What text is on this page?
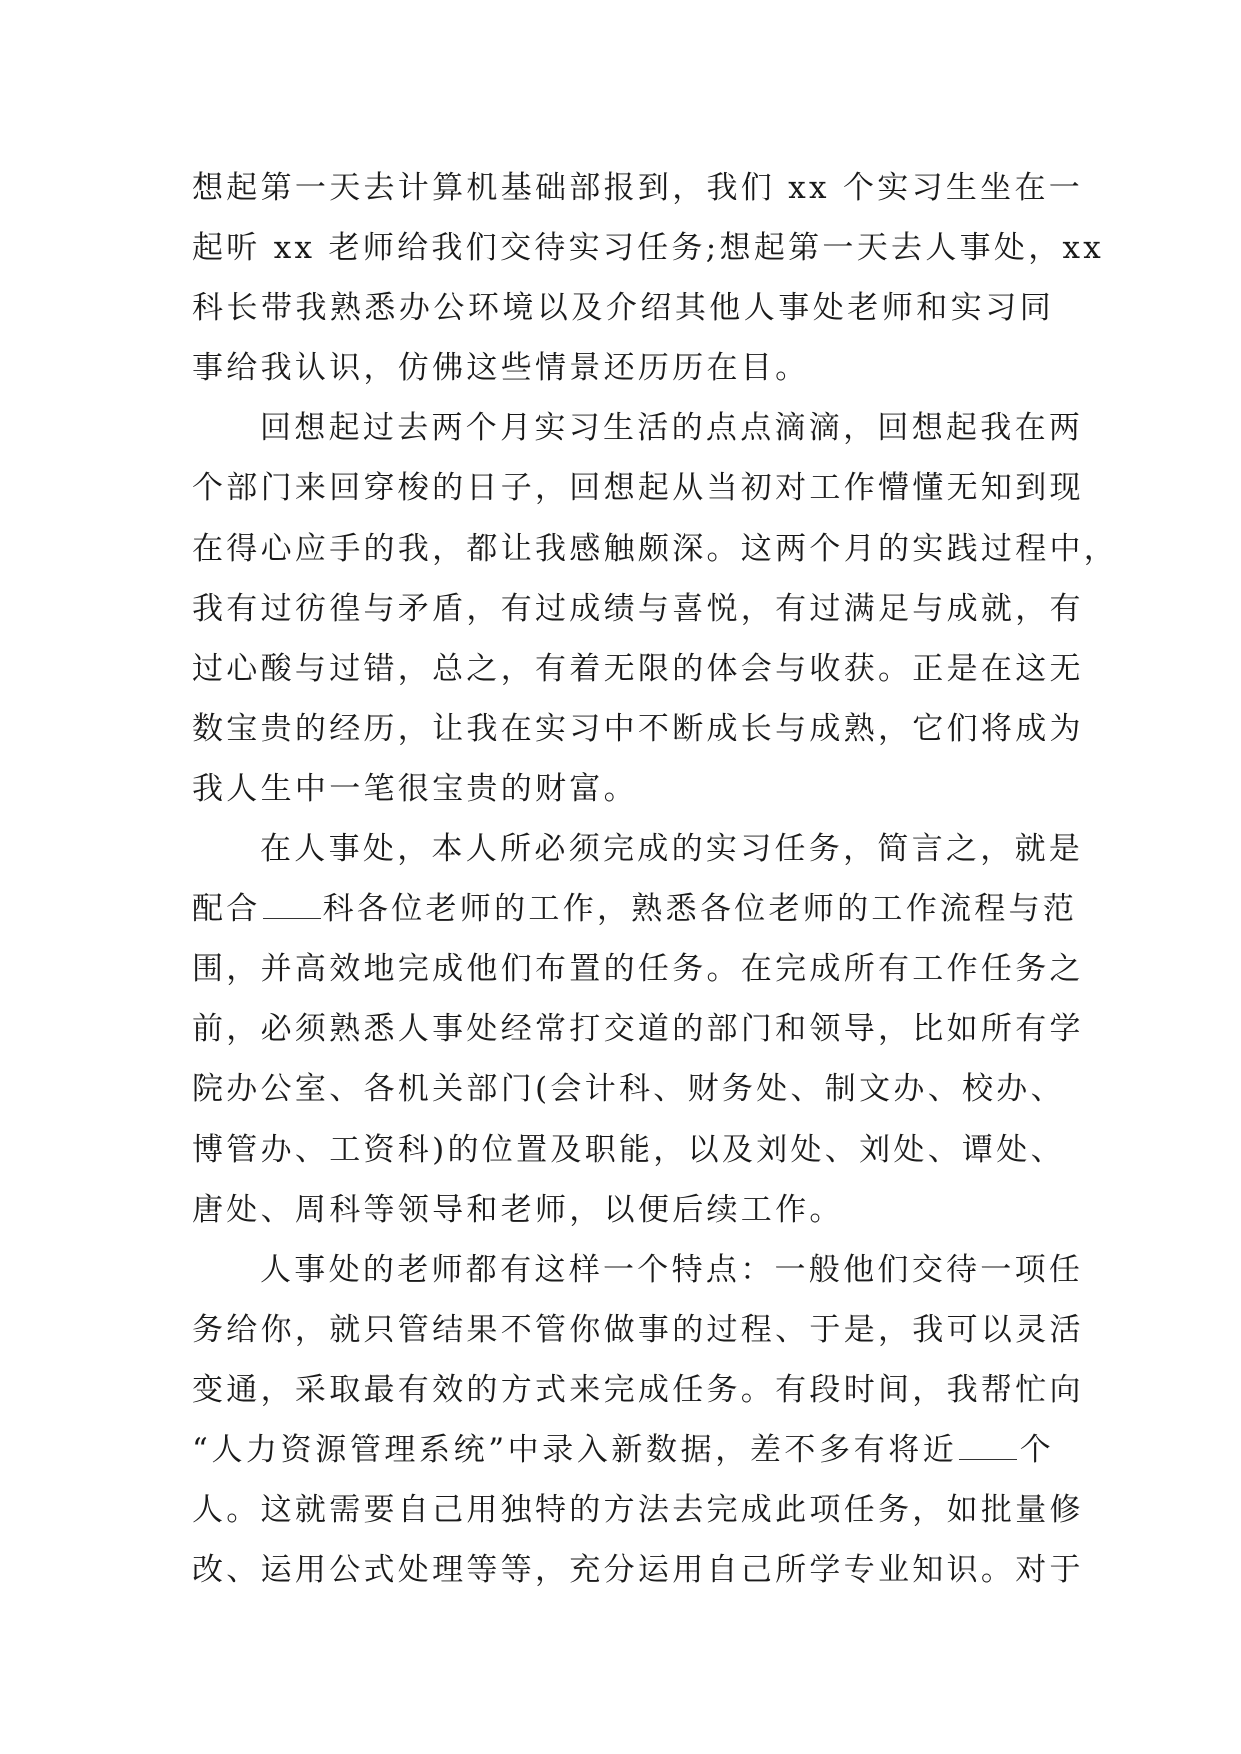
想起第一天去计算机基础部报到，我们 xx 个实习生坐在一
起听 xx 老师给我们交待实习任务;想起第一天去人事处，xx
科长带我熟悉办公环境以及介绍其他人事处老师和实习同
事给我认识，仿佛这些情景还历历在目。
回想起过去两个月实习生活的点点滴滴，回想起我在两
个部门来回穿梭的日子，回想起从当初对工作懵懂无知到现
在得心应手的我，都让我感触颇深。这两个月的实践过程中，
我有过彷徨与矛盾，有过成绩与喜悦，有过满足与成就，有
过心酸与过错，总之，有着无限的体会与收获。正是在这无
数宝贵的经历，让我在实习中不断成长与成熟，它们将成为
我人生中一笔很宝贵的财富。
在人事处，本人所必须完成的实习任务，简言之，就是
配合 科各位老师的工作，熟悉各位老师的工作流程与范
围，并高效地完成他们布置的任务。在完成所有工作任务之
前，必须熟悉人事处经常打交道的部门和领导，比如所有学
院办公室、各机关部门(会计科、财务处、制文办、校办、
博管办、工资科)的位置及职能，以及刘处、刘处、谭处、
唐处、周科等领导和老师，以便后续工作。
人事处的老师都有这样一个特点：一般他们交待一项任
务给你，就只管结果不管你做事的过程、于是，我可以灵活
变通，采取最有效的方式来完成任务。有段时间，我帮忙向
“人力资源管理系统”中录入新数据，差不多有将近 个
人。这就需要自己用独特的方法去完成此项任务，如批量修
改、运用公式处理等等，充分运用自己所学专业知识。对于
